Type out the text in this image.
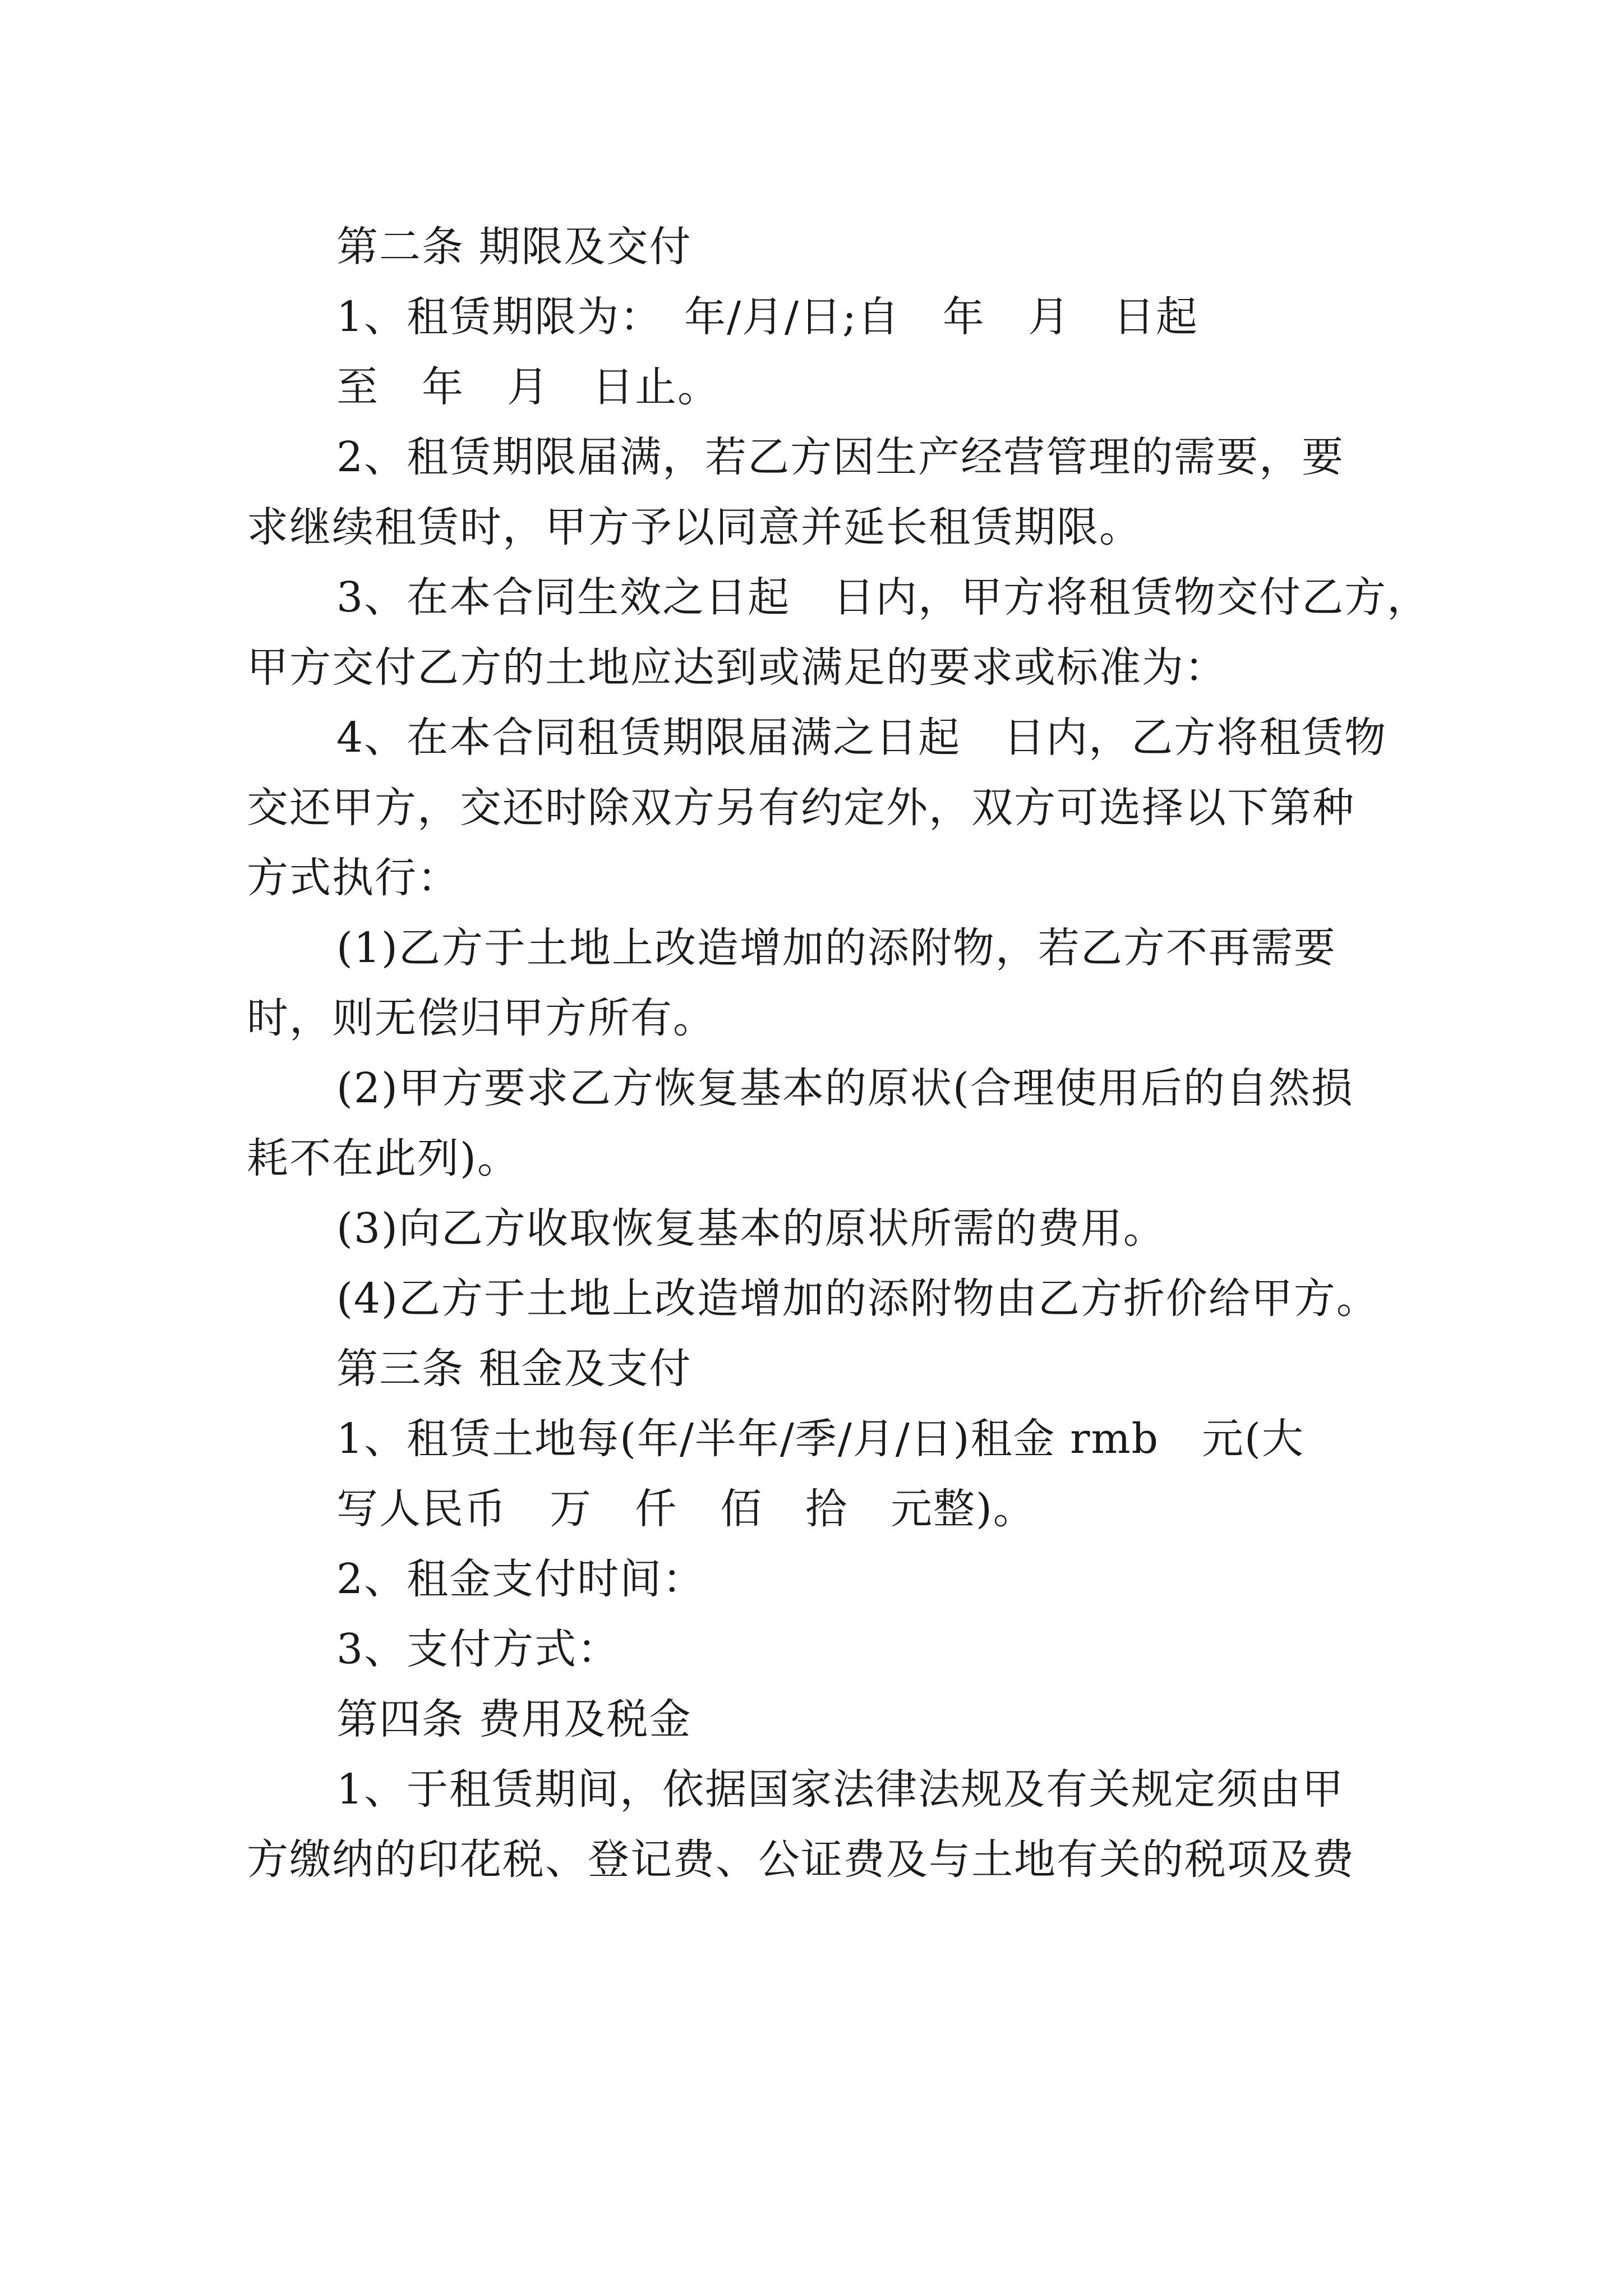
第二条 期限及交付
1、租赁期限为：　年/月/日;自　年　月　日起
至　年　月　日止。
2、租赁期限届满，若乙方因生产经营管理的需要，要
求继续租赁时，甲方予以同意并延长租赁期限。
3、在本合同生效之日起　日内，甲方将租赁物交付乙方，
甲方交付乙方的土地应达到或满足的要求或标准为：
4、在本合同租赁期限届满之日起　日内，乙方将租赁物
交还甲方，交还时除双方另有约定外，双方可选择以下第种
方式执行：
(1)乙方于土地上改造增加的添附物，若乙方不再需要
时，则无偿归甲方所有。
(2)甲方要求乙方恢复基本的原状(合理使用后的自然损
耗不在此列)。
(3)向乙方收取恢复基本的原状所需的费用。
(4)乙方于土地上改造增加的添附物由乙方折价给甲方。
第三条 租金及支付
1、租赁土地每(年/半年/季/月/日)租金 rmb　元(大
写人民币　万　仟　佰　拾　元整)。
2、租金支付时间：
3、支付方式：
第四条 费用及税金
1、于租赁期间，依据国家法律法规及有关规定须由甲
方缴纳的印花税、登记费、公证费及与土地有关的税项及费
